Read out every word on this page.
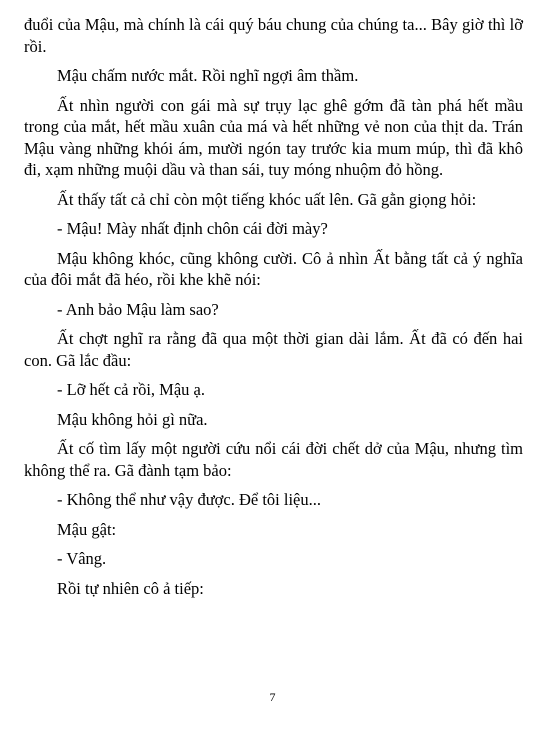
đuổi của Mậu, mà chính là cái quý báu chung của chúng ta... Bây giờ thì lỡ rồi.

Mậu chấm nước mắt. Rồi nghĩ ngợi âm thầm.

Ất nhìn người con gái mà sự trụy lạc ghê gớm đã tàn phá hết mầu trong của mắt, hết mầu xuân của má và hết những vẻ non của thịt da. Trán Mậu vàng những khói ám, mười ngón tay trước kia mum múp, thì đã khô đi, xạm những muội dầu và than sái, tuy móng nhuộm đỏ hồng.

Ất thấy tất cả chỉ còn một tiếng khóc uất lên. Gã gằn giọng hỏi:

- Mậu! Mày nhất định chôn cái đời mày?

Mậu không khóc, cũng không cười. Cô ả nhìn Ất bằng tất cả ý nghĩa của đôi mắt đã héo, rồi khe khẽ nói:

- Anh bảo Mậu làm sao?

Ất chợt nghĩ ra rằng đã qua một thời gian dài lắm. Ất đã có đến hai con. Gã lắc đầu:

- Lỡ hết cả rồi, Mậu ạ.

Mậu không hỏi gì nữa.

Ất cố tìm lấy một người cứu nổi cái đời chết dở của Mậu, nhưng tìm không thể ra. Gã đành tạm bảo:

- Không thể như vậy được. Để tôi liệu...

Mậu gật:

- Vâng.

Rồi tự nhiên cô ả tiếp:

7
